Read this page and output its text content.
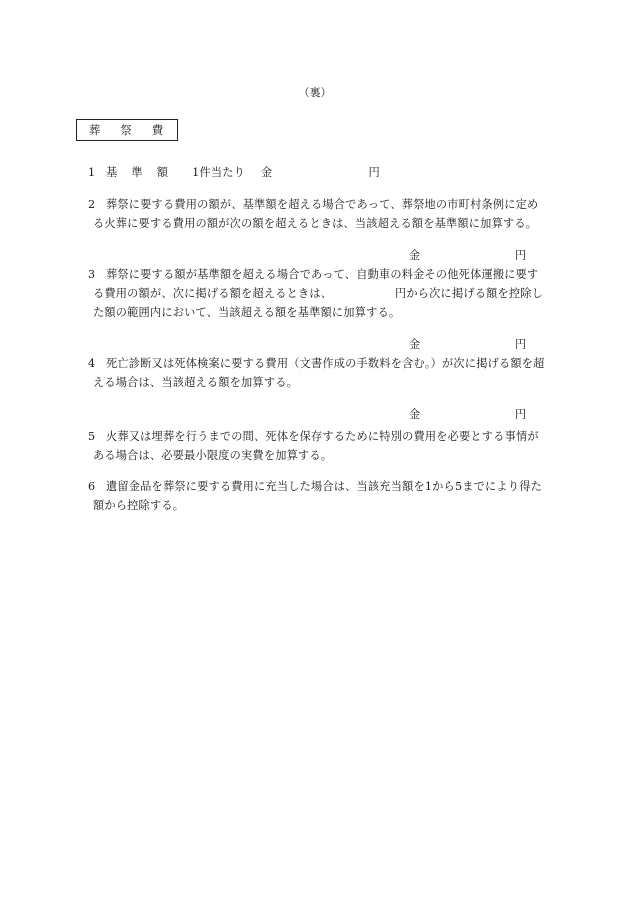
（裏）
葬 祭 費
1 基 準 額 1件当たり 金	円
2 葬祭に要する費用の額が、基準額を超える場合であって、葬祭地の市町村条例に定め
る火葬に要する費用の額が次の額を超えるときは、当該超える額を基準額に加算する。
金	円
3 葬祭に要する額が基準額を超える場合であって、自動車の料金その他死体運搬に要す
る費用の額が、次に掲げる額を超えるときは、	円から次に掲げる額を控除し
た額の範囲内において、当該超える額を基準額に加算する。
金	円
4 死亡診断又は死体検案に要する費用（文書作成の手数料を含む。）が次に掲げる額を超
える場合は、当該超える額を加算する。
金	円
5 火葬又は埋葬を行うまでの間、死体を保存するために特別の費用を必要とする事情が
ある場合は、必要最小限度の実費を加算する。
6 遺留金品を葬祭に要する費用に充当した場合は、当該充当額を1から5までにより得た
額から控除する。
